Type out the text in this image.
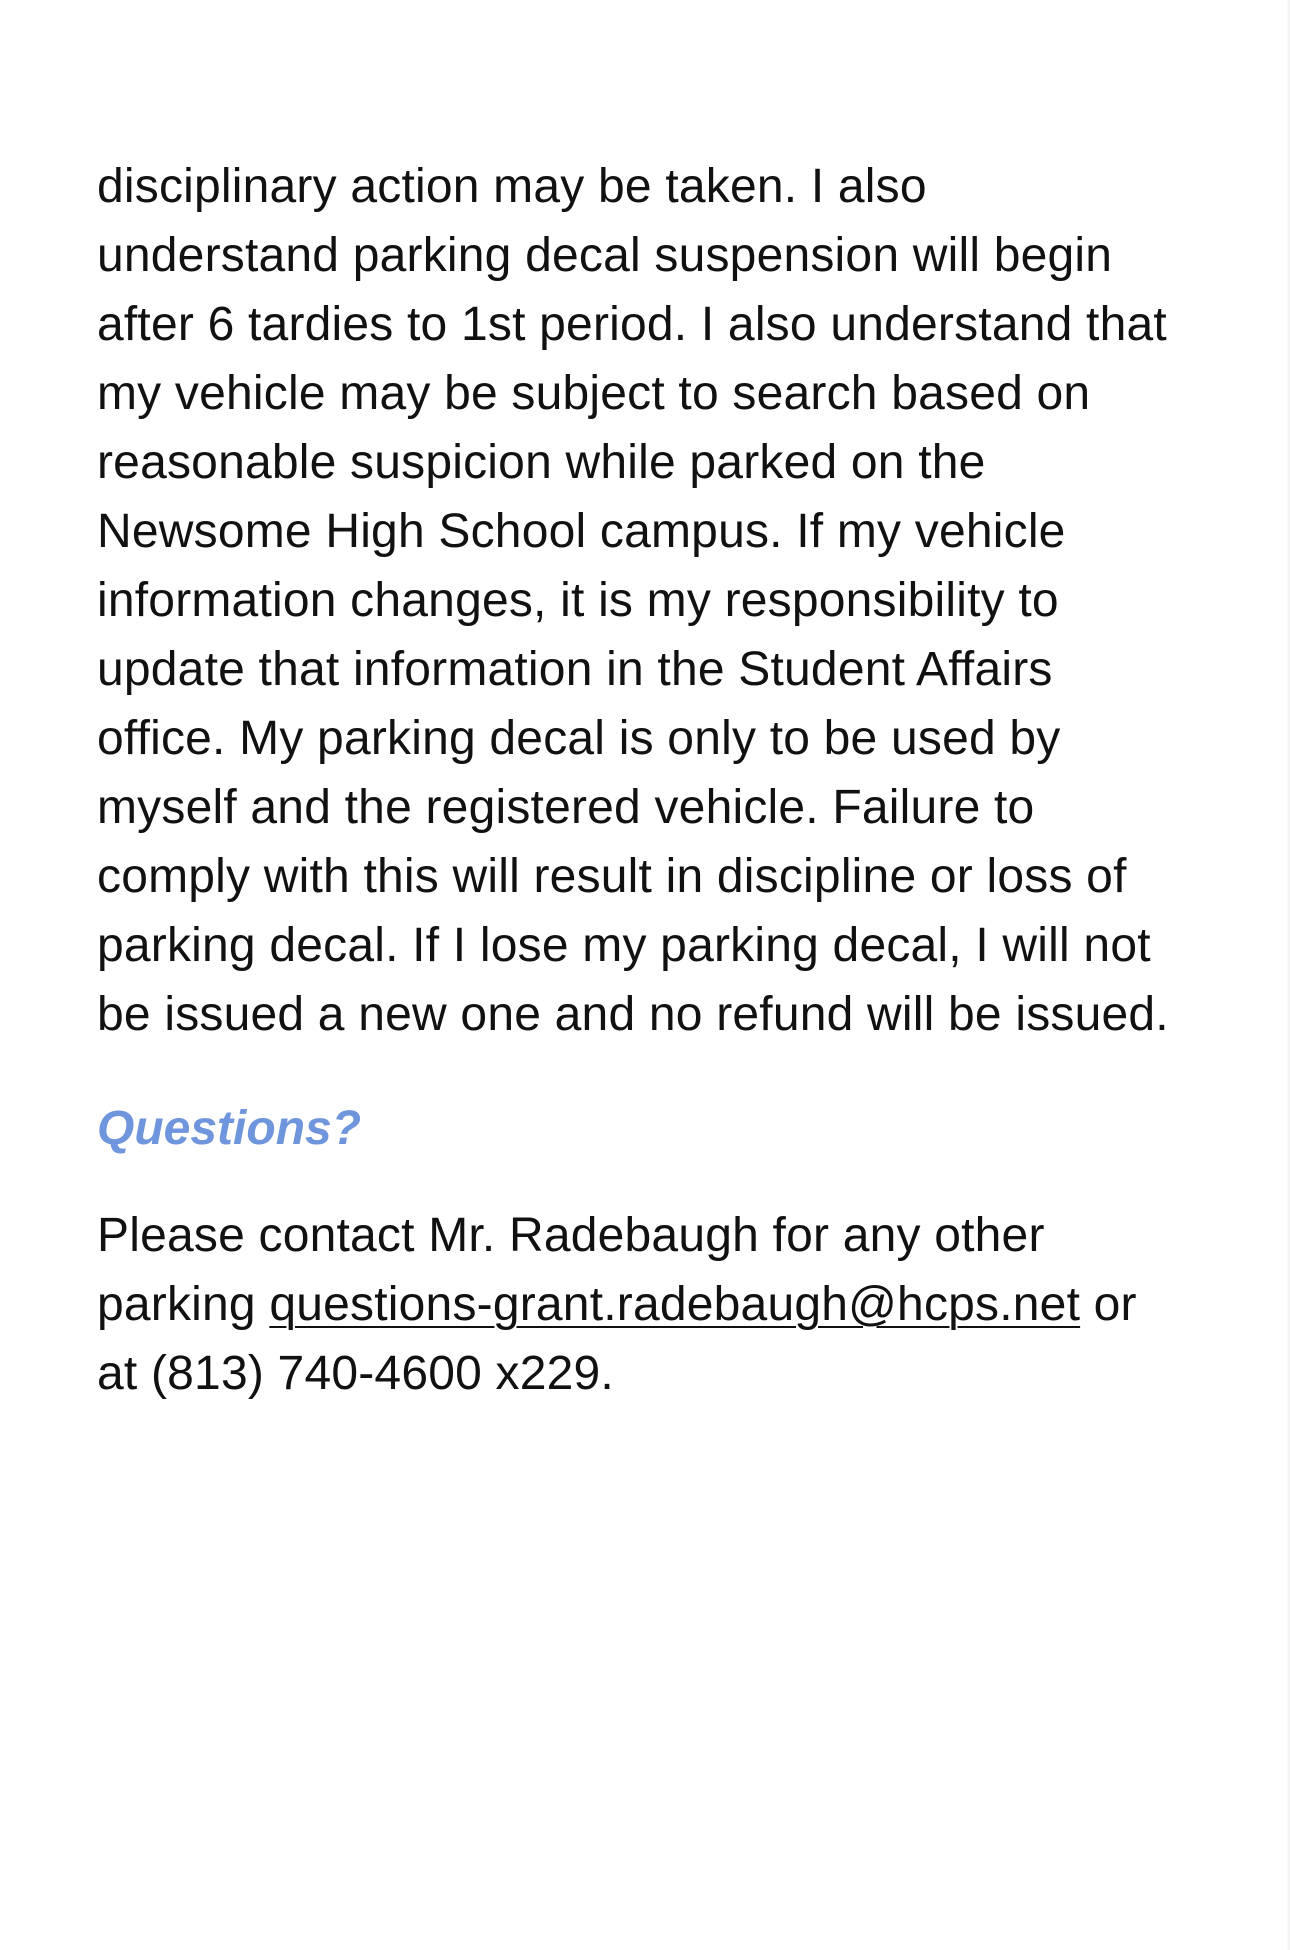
disciplinary action may be taken. I also understand parking decal suspension will begin after 6 tardies to 1st period. I also understand that my vehicle may be subject to search based on reasonable suspicion while parked on the Newsome High School campus. If my vehicle information changes, it is my responsibility to update that information in the Student Affairs office. My parking decal is only to be used by myself and the registered vehicle. Failure to comply with this will result in discipline or loss of parking decal. If I lose my parking decal, I will not be issued a new one and no refund will be issued.

Questions?

Please contact Mr. Radebaugh for any other parking questions-grant.radebaugh@hcps.net or at (813) 740-4600 x229.
